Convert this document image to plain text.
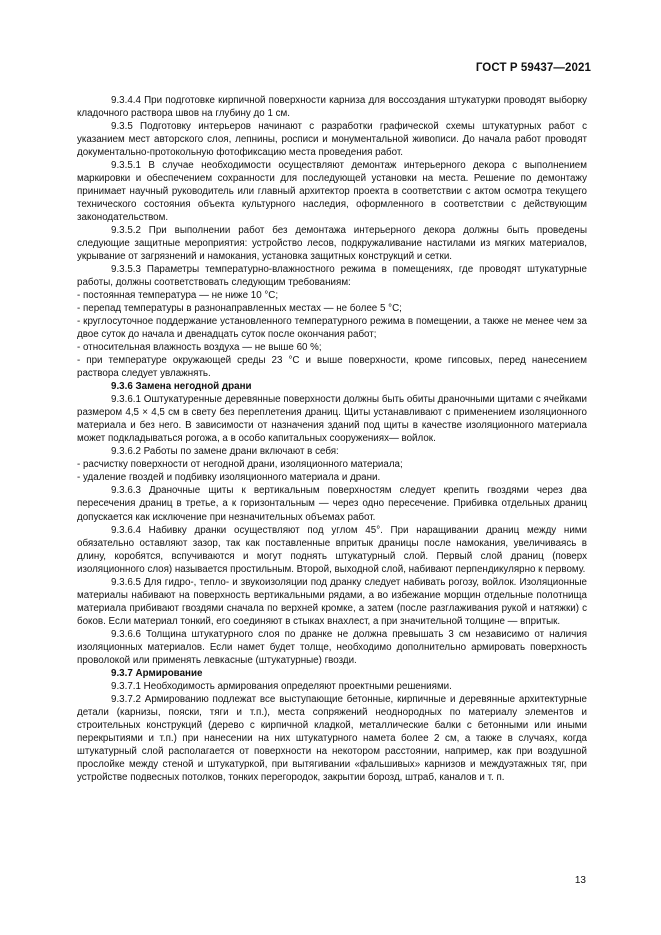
ГОСТ Р 59437—2021

9.3.4.4 При подготовке кирпичной поверхности карниза для воссоздания штукатурки проводят выборку кладочного раствора швов на глубину до 1 см.

9.3.5 Подготовку интерьеров начинают с разработки графической схемы штукатурных работ с указанием мест авторского слоя, лепнины, росписи и монументальной живописи. До начала работ проводят документально-протокольную фотофиксацию места проведения работ.

9.3.5.1 В случае необходимости осуществляют демонтаж интерьерного декора с выполнением маркировки и обеспечением сохранности для последующей установки на места. Решение по демонтажу принимает научный руководитель или главный архитектор проекта в соответствии с актом осмотра текущего технического состояния объекта культурного наследия, оформленного в соответствии с действующим законодательством.

9.3.5.2 При выполнении работ без демонтажа интерьерного декора должны быть проведены следующие защитные мероприятия: устройство лесов, подкружаливание настилами из мягких материалов, укрывание от загрязнений и намокания, установка защитных конструкций и сетки.

9.3.5.3 Параметры температурно-влажностного режима в помещениях, где проводят штукатурные работы, должны соответствовать следующим требованиям:

- постоянная температура — не ниже 10 °С;

- перепад температуры в разнонаправленных местах — не более 5 °С;

- круглосуточное поддержание установленного температурного режима в помещении, а также не менее чем за двое суток до начала и двенадцать суток после окончания работ;

- относительная влажность воздуха — не выше 60 %;

- при температуре окружающей среды 23 °С и выше поверхности, кроме гипсовых, перед нанесением раствора следует увлажнять.

9.3.6 Замена негодной драни

9.3.6.1 Оштукатуренные деревянные поверхности должны быть обиты драночными щитами с ячейками размером 4,5 × 4,5 см в свету без переплетения драниц. Щиты устанавливают с применением изоляционного материала и без него. В зависимости от назначения зданий под щиты в качестве изоляционного материала может подкладываться рогожа, а в особо капитальных сооружениях— войлок.

9.3.6.2 Работы по замене драни включают в себя:

- расчистку поверхности от негодной драни, изоляционного материала;

- удаление гвоздей и подбивку изоляционного материала и драни.

9.3.6.3 Драночные щиты к вертикальным поверхностям следует крепить гвоздями через два пересечения драниц в третье, а к горизонтальным — через одно пересечение. Прибивка отдельных драниц допускается как исключение при незначительных объемах работ.

9.3.6.4 Набивку дранки осуществляют под углом 45°. При наращивании драниц между ними обязательно оставляют зазор, так как поставленные впритык драницы после намокания, увеличиваясь в длину, коробятся, вспучиваются и могут поднять штукатурный слой. Первый слой драниц (поверх изоляционного слоя) называется простильным. Второй, выходной слой, набивают перпендикулярно к первому.

9.3.6.5 Для гидро-, тепло- и звукоизоляции под дранку следует набивать рогозу, войлок. Изоляционные материалы набивают на поверхность вертикальными рядами, а во избежание морщин отдельные полотнища материала прибивают гвоздями сначала по верхней кромке, а затем (после разглаживания рукой и натяжки) с боков. Если материал тонкий, его соединяют в стыках внахлест, а при значительной толщине — впритык.

9.3.6.6 Толщина штукатурного слоя по дранке не должна превышать 3 см независимо от наличия изоляционных материалов. Если намет будет толще, необходимо дополнительно армировать поверхность проволокой или применять левкасные (штукатурные) гвозди.

9.3.7 Армирование

9.3.7.1 Необходимость армирования определяют проектными решениями.

9.3.7.2 Армированию подлежат все выступающие бетонные, кирпичные и деревянные архитектурные детали (карнизы, пояски, тяги и т.п.), места сопряжений неоднородных по материалу элементов и строительных конструкций (дерево с кирпичной кладкой, металлические балки с бетонными или иными перекрытиями и т.п.) при нанесении на них штукатурного намета более 2 см, а также в случаях, когда штукатурный слой располагается от поверхности на некотором расстоянии, например, как при воздушной прослойке между стеной и штукатуркой, при вытягивании «фальшивых» карнизов и междуэтажных тяг, при устройстве подвесных потолков, тонких перегородок, закрытии борозд, штраб, каналов и т. п.

13
